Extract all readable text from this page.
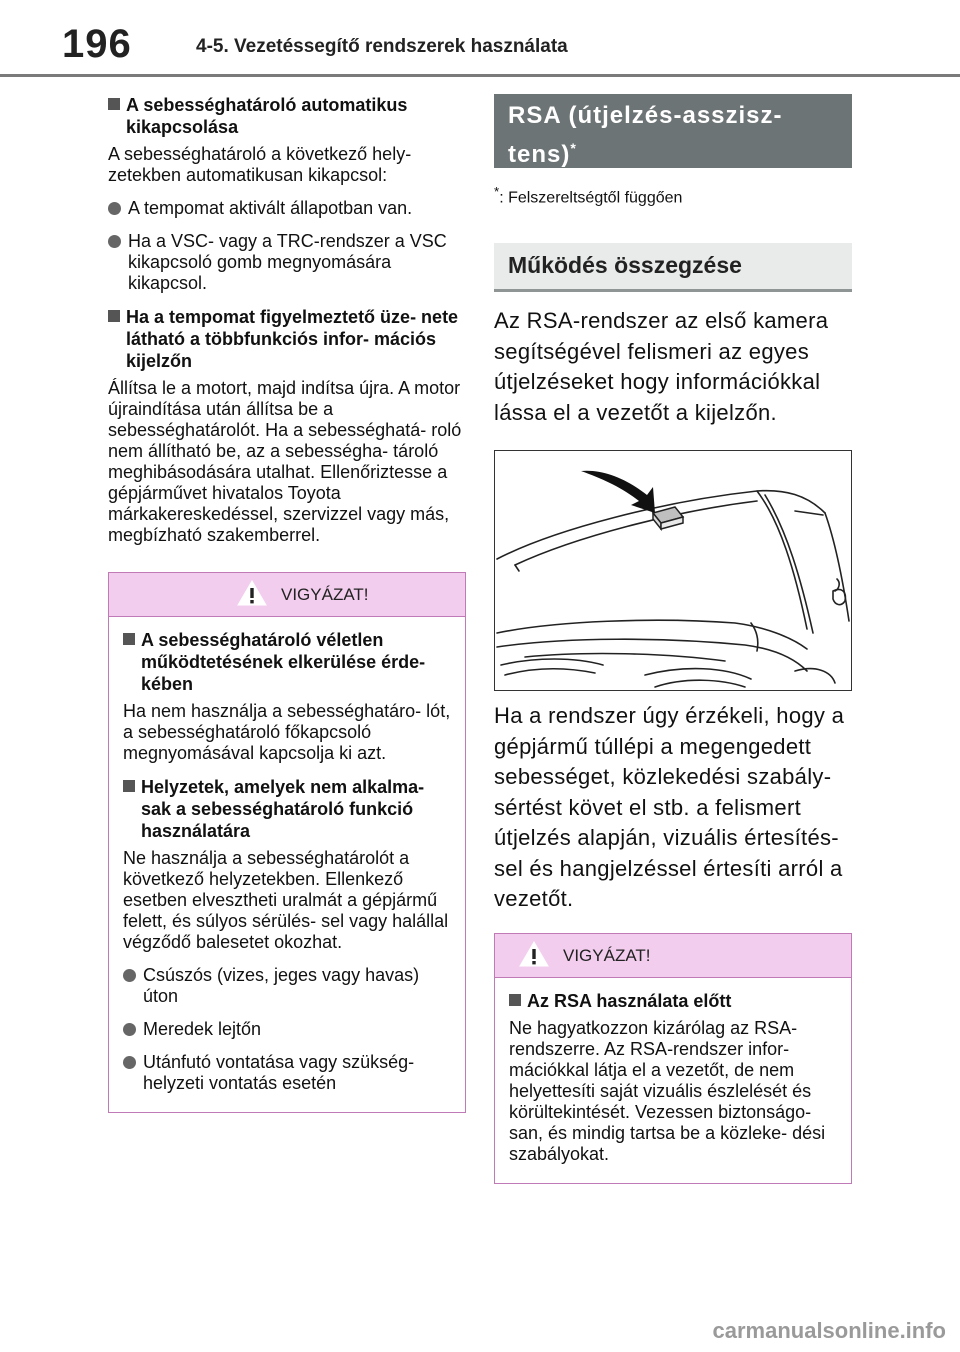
196	4-5. Vezetéssegítő rendszerek használata
A sebességhatároló automatikus kikapcsolása

A sebességhatároló a következő hely- zetekben automatikusan kikapcsol:

A tempomat aktivált állapotban van.
Ha a VSC- vagy a TRC-rendszer a VSC kikapcsoló gomb megnyomására kikapcsol.
Ha a tempomat figyelmeztető üze- nete látható a többfunkciós infor- mációs kijelzőn

Állítsa le a motort, majd indítsa újra. A motor újraindítása után állítsa be a sebességhatárolót. Ha a sebességhatá- roló nem állítható be, az a sebességha- tároló meghibásodására utalhat. Ellenőriztesse a gépjárművet hivatalos Toyota márkakereskedéssel, szervizzel vagy más, megbízható szakemberrel.

VIGYÁZAT!
A sebességhatároló véletlen működtetésének elkerülése érde- kében

Ha nem használja a sebességhatáro- lót, a sebességhatároló főkapcsoló megnyomásával kapcsolja ki azt.

Helyzetek, amelyek nem alkalma- sak a sebességhatároló funkció használatára

Ne használja a sebességhatárolót a következő helyzetekben. Ellenkező esetben elvesztheti uralmát a gépjármű felett, és súlyos sérülés- sel vagy halállal végződő balesetet okozhat.

Csúszós (vizes, jeges vagy havas) úton
Meredek lejtőn
Utánfutó vontatása vagy szükség- helyzeti vontatás esetén
RSA (útjelzés-asszisz- tens)*

*: Felszereltségtől függően

Működés összegzése

Az RSA-rendszer az első kamera segítségével felismeri az egyes útjelzéseket hogy információkkal lássa el a vezetőt a kijelzőn.

Ha a rendszer úgy érzékeli, hogy a gépjármű túllépi a megengedett sebességet, közlekedési szabály- sértést követ el stb. a felismert útjelzés alapján, vizuális értesítés- sel és hangjelzéssel értesíti arról a vezetőt.

VIGYÁZAT!
Az RSA használata előtt

Ne hagyatkozzon kizárólag az RSA- rendszerre. Az RSA-rendszer infor- mációkkal látja el a vezetőt, de nem helyettesíti saját vizuális észlelését és körültekintését. Vezessen biztonságo- san, és mindig tartsa be a közleke- dési szabályokat.

carmanualsonline.info
